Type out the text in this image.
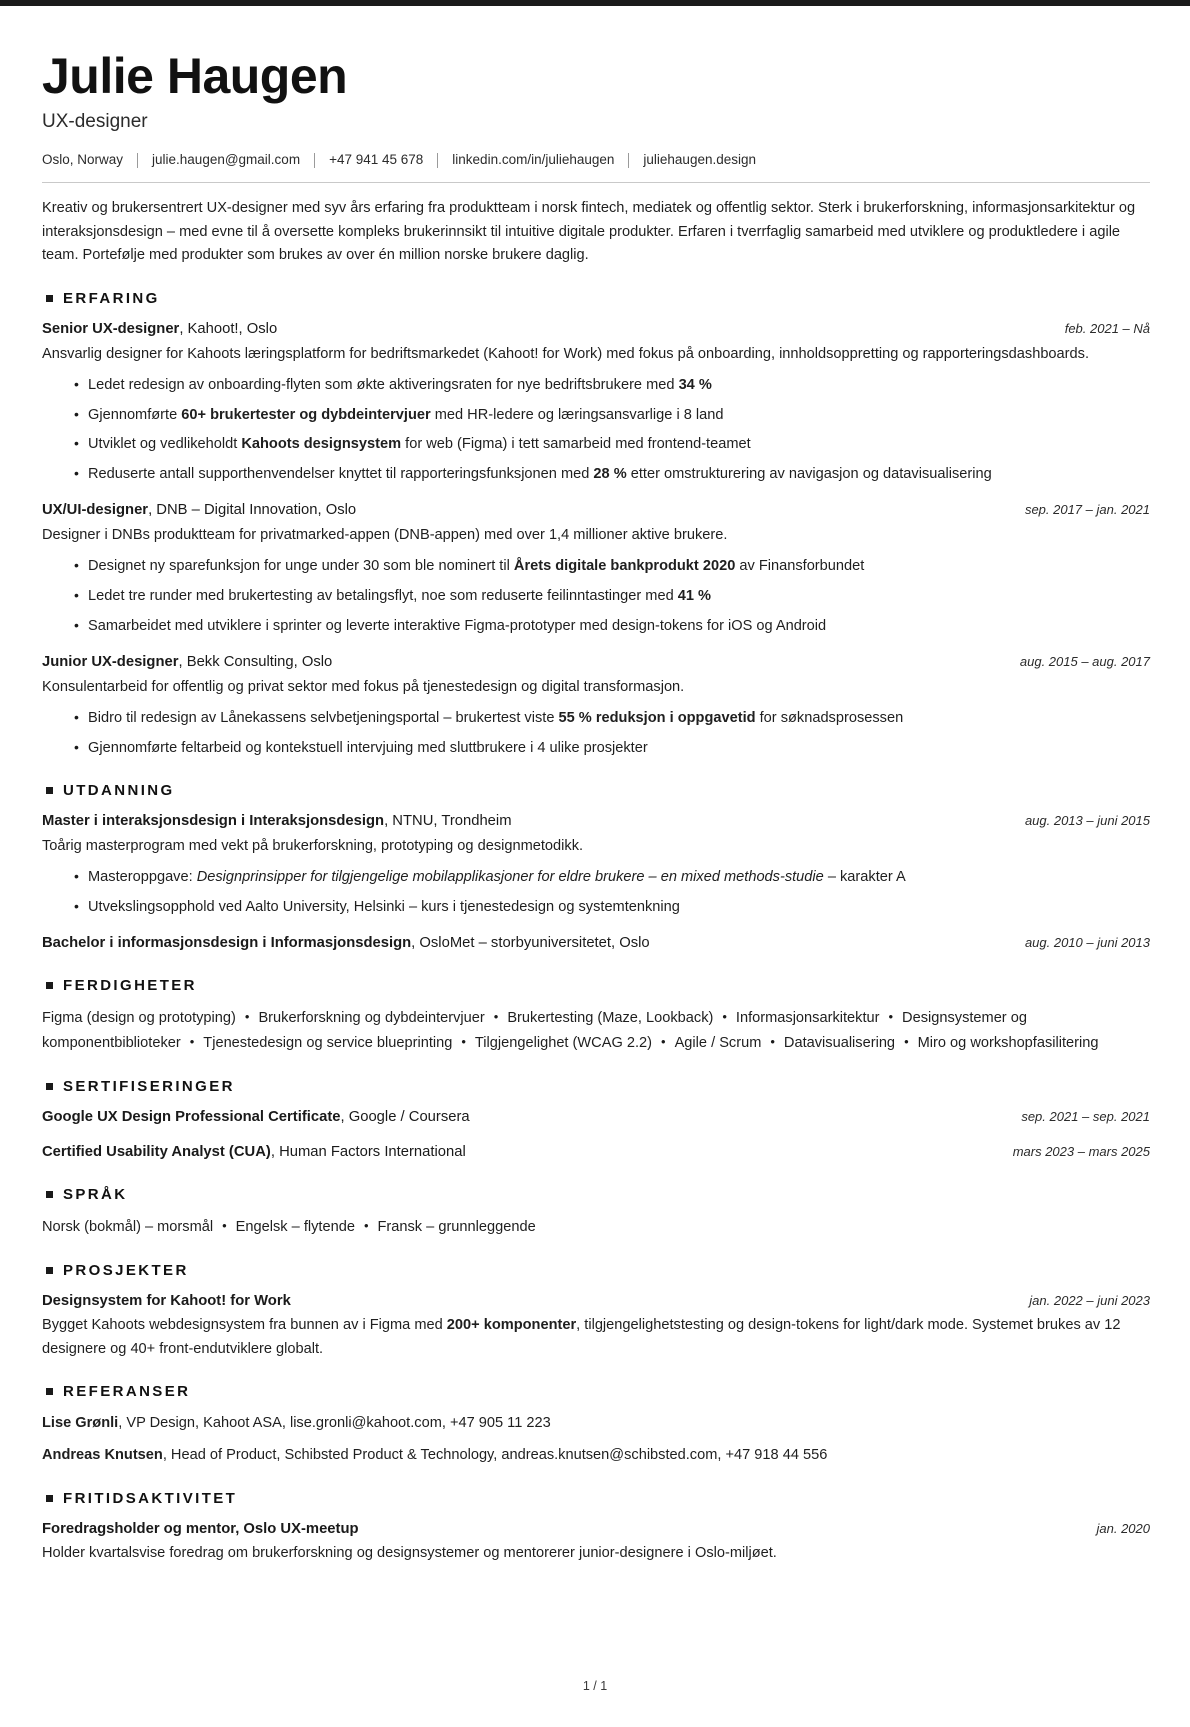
Julie Haugen
UX-designer
Oslo, Norway julie.haugen@gmail.com +47 941 45 678 linkedin.com/in/juliehaugen juliehaugen.design

Kreativ og brukersentrert UX-designer med syv års erfaring fra produktteam i norsk fintech, mediatek og offentlig sektor. Sterk i brukerforskning, informasjonsarkitektur og interaksjonsdesign – med evne til å oversette kompleks brukerinnsikt til intuitive digitale produkter. Erfaren i tverrfaglig samarbeid med utviklere og produktledere i agile team. Portefølje med produkter som brukes av over én million norske brukere daglig.

ERFARING
Senior UX-designer, Kahoot!, Oslo	feb. 2021 – Nå
Ansvarlig designer for Kahoots læringsplatform for bedriftsmarkedet (Kahoot! for Work) med fokus på onboarding, innholdsoppretting og rapporteringsdashboards.
• Ledet redesign av onboarding-flyten som økte aktiveringsraten for nye bedriftsbrukere med 34 %
• Gjennomførte 60+ brukertester og dybdeintervjuer med HR-ledere og læringsansvarlige i 8 land
• Utviklet og vedlikeholdt Kahoots designsystem for web (Figma) i tett samarbeid med frontend-teamet
• Reduserte antall supporthenvendelser knyttet til rapporteringsfunksjonen med 28 % etter omstrukturering av navigasjon og datavisualisering
UX/UI-designer, DNB – Digital Innovation, Oslo	sep. 2017 – jan. 2021
Designer i DNBs produktteam for privatmarked-appen (DNB-appen) med over 1,4 millioner aktive brukere.
• Designet ny sparefunksjon for unge under 30 som ble nominert til Årets digitale bankprodukt 2020 av Finansforbundet
• Ledet tre runder med brukertesting av betalingsflyt, noe som reduserte feilinntastinger med 41 %
• Samarbeidet med utviklere i sprinter og leverte interaktive Figma-prototyper med design-tokens for iOS og Android
Junior UX-designer, Bekk Consulting, Oslo	aug. 2015 – aug. 2017
Konsulentarbeid for offentlig og privat sektor med fokus på tjenestedesign og digital transformasjon.
• Bidro til redesign av Lånekassens selvbetjeningsportal – brukertest viste 55 % reduksjon i oppgavetid for søknadsprosessen
• Gjennomførte feltarbeid og kontekstuell intervjuing med sluttbrukere i 4 ulike prosjekter
UTDANNING
Master i interaksjonsdesign i Interaksjonsdesign, NTNU, Trondheim	aug. 2013 – juni 2015
Toårig masterprogram med vekt på brukerforskning, prototyping og designmetodikk.
• Masteroppgave: Designprinsipper for tilgjengelige mobilapplikasjoner for eldre brukere – en mixed methods-studie – karakter A
• Utvekslingsopphold ved Aalto University, Helsinki – kurs i tjenestedesign og systemtenkning
Bachelor i informasjonsdesign i Informasjonsdesign, OsloMet – storbyuniversitetet, Oslo	aug. 2010 – juni 2013
FERDIGHETER

Figma (design og prototyping) • Brukerforskning og dybdeintervjuer • Brukertesting (Maze, Lookback) • Informasjonsarkitektur • Designsystemer og komponentbiblioteker • Tjenestedesign og service blueprinting • Tilgjengelighet (WCAG 2.2) • Agile / Scrum • Datavisualisering • Miro og workshopfasilitering

SERTIFISERINGER
Google UX Design Professional Certificate, Google / Coursera	sep. 2021 – sep. 2021
Certified Usability Analyst (CUA), Human Factors International	mars 2023 – mars 2025
SPRÅK

Norsk (bokmål) – morsmål • Engelsk – flytende • Fransk – grunnleggende

PROSJEKTER
Designsystem for Kahoot! for Work	jan. 2022 – juni 2023
Bygget Kahoots webdesignsystem fra bunnen av i Figma med 200+ komponenter, tilgjengelighetstesting og design-tokens for light/dark mode. Systemet brukes av 12 designere og 40+ front-endutviklere globalt.
REFERANSER
Lise Grønli, VP Design, Kahoot ASA, lise.gronli@kahoot.com, +47 905 11 223
Andreas Knutsen, Head of Product, Schibsted Product & Technology, andreas.knutsen@schibsted.com, +47 918 44 556
FRITIDSAKTIVITET
Foredragsholder og mentor, Oslo UX-meetup	jan. 2020
Holder kvartalsvise foredrag om brukerforskning og designsystemer og mentorerer junior-designere i Oslo-miljøet.
1 / 1
